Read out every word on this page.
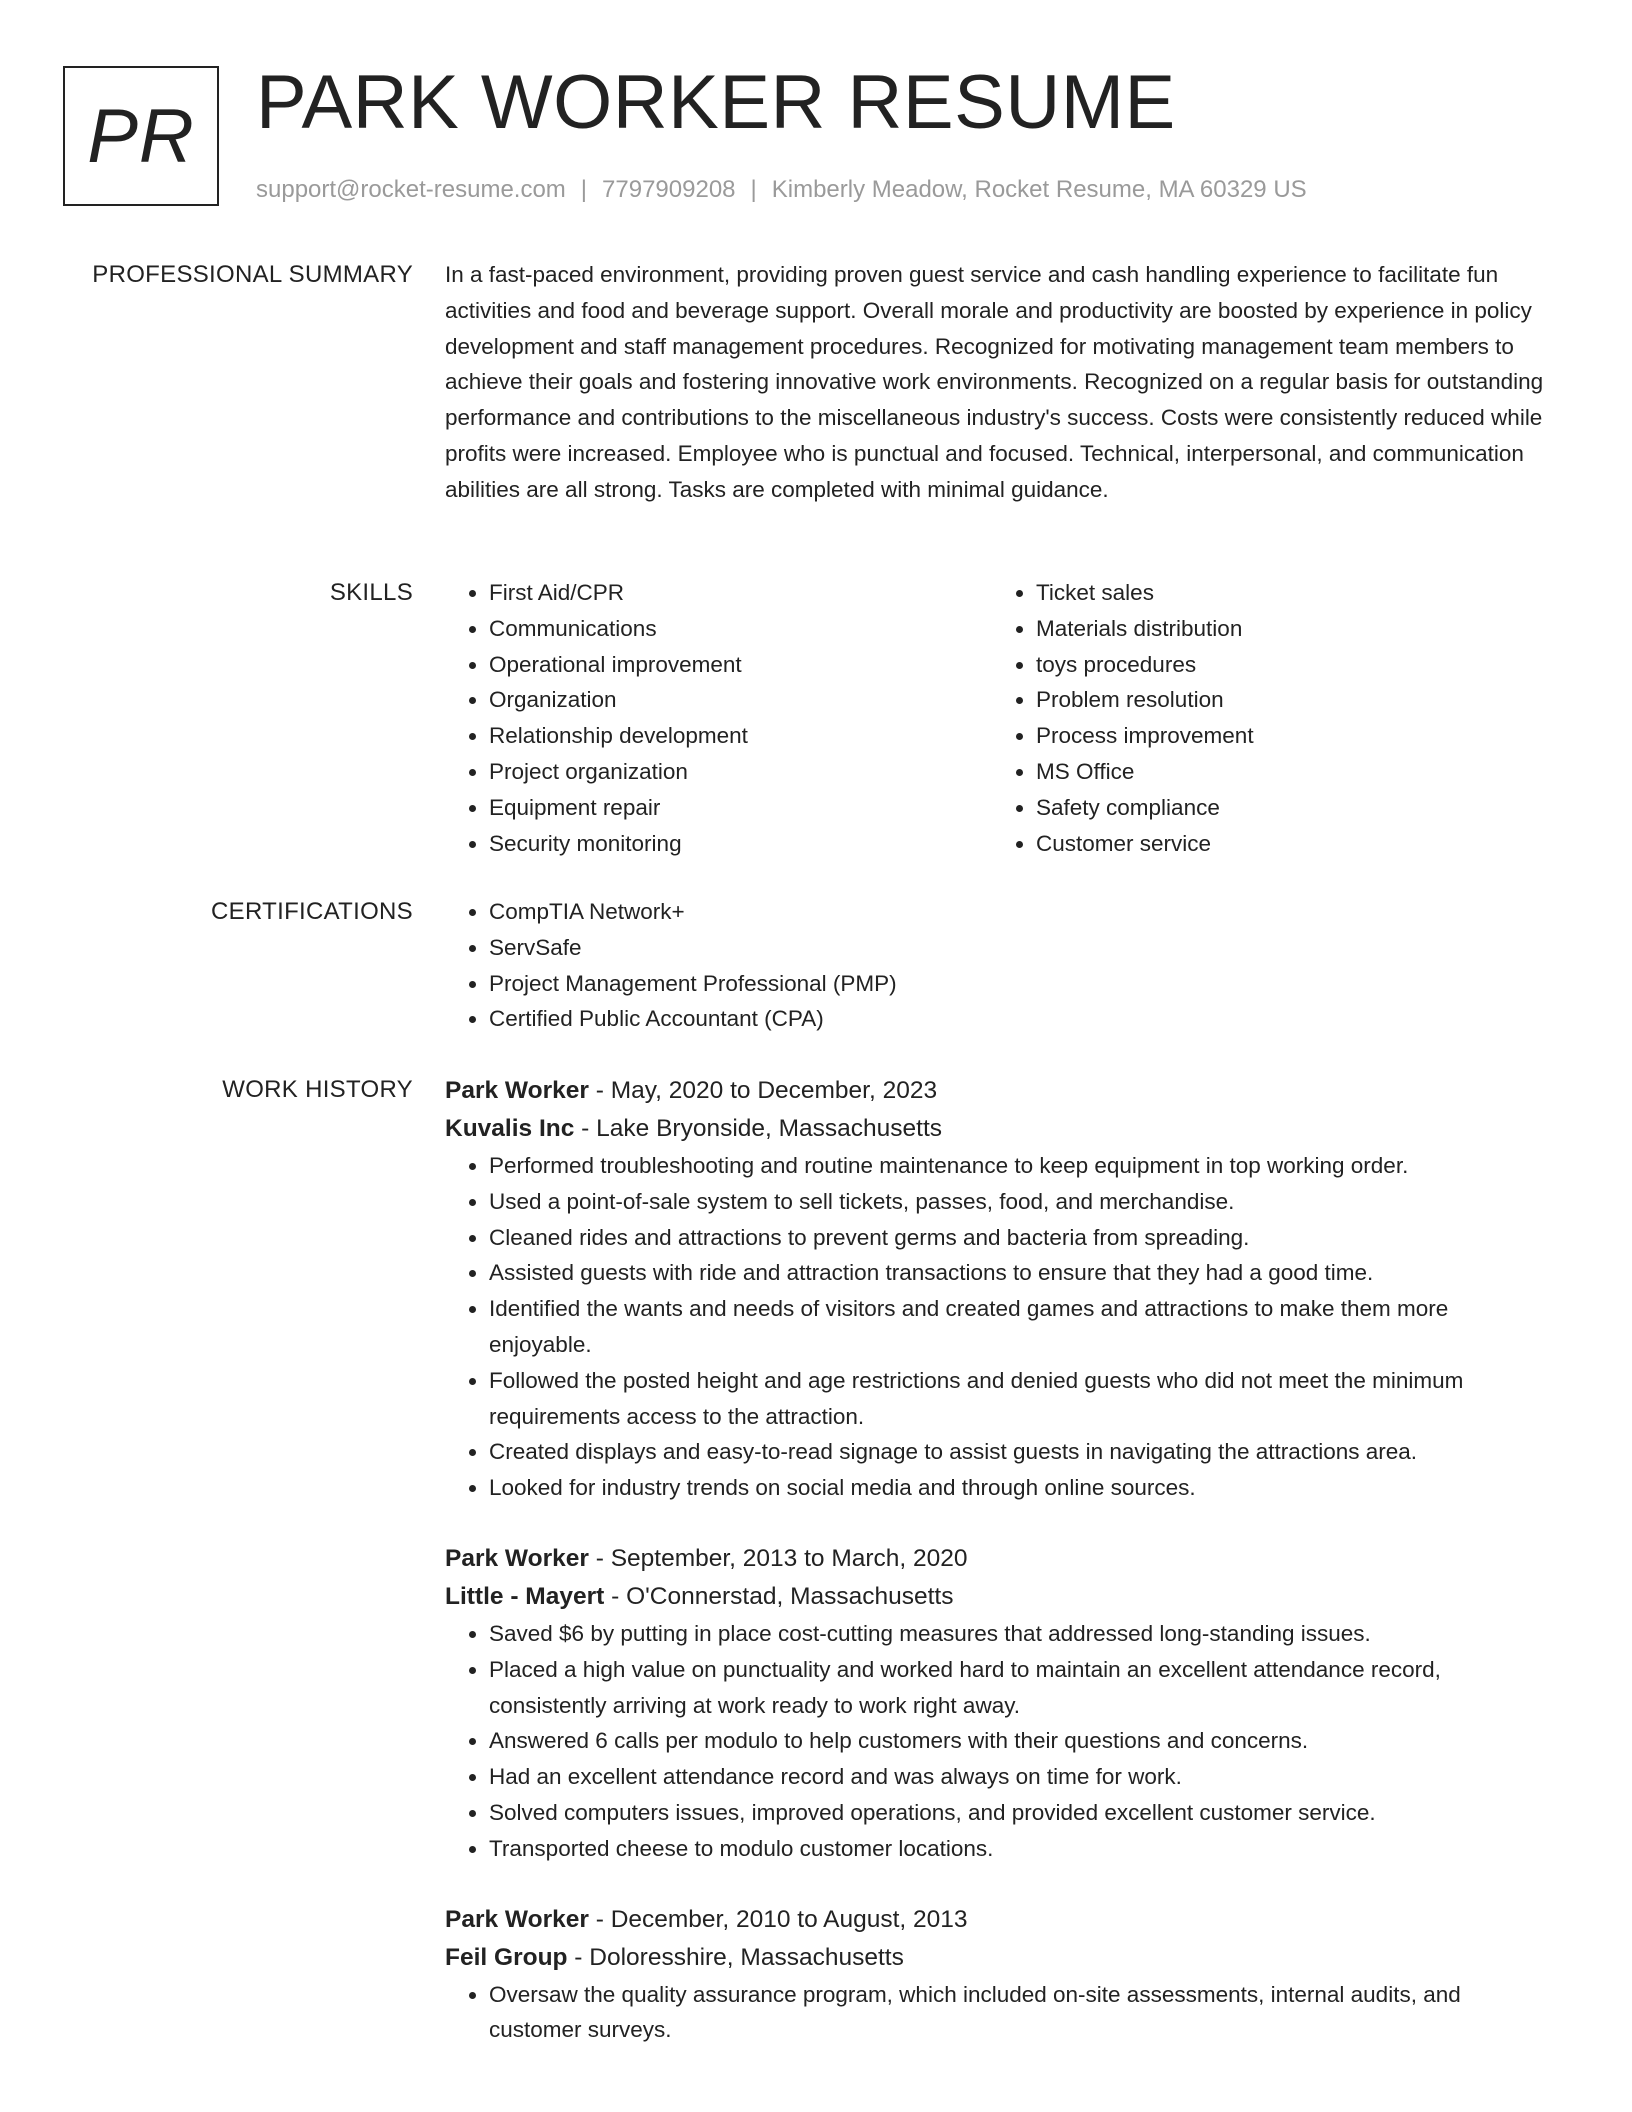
PR PARK WORKER RESUME
support@rocket-resume.com | 7797909208 | Kimberly Meadow, Rocket Resume, MA 60329 US
PROFESSIONAL SUMMARY In a fast-paced environment, providing proven guest service and cash handling experience to facilitate fun activities and food and beverage support. Overall morale and productivity are boosted by experience in policy development and staff management procedures. Recognized for motivating management team members to achieve their goals and fostering innovative work environments. Recognized on a regular basis for outstanding performance and contributions to the miscellaneous industry's success. Costs were consistently reduced while profits were increased. Employee who is punctual and focused. Technical, interpersonal, and communication abilities are all strong. Tasks are completed with minimal guidance.

SKILLS	• First Aid/CPR
• Communications
• Operational improvement
• Organization
• Relationship development
• Project organization
• Equipment repair
• Security monitoring
• Ticket sales
• Materials distribution
• toys procedures
• Problem resolution
• Process improvement
• MS Office
• Safety compliance
• Customer service
CERTIFICATIONS	• CompTIA Network+
• ServSafe
• Project Management Professional (PMP)
• Certified Public Accountant (CPA)
WORK HISTORY Park Worker - May, 2020 to December, 2023
Kuvalis Inc - Lake Bryonside, Massachusetts
• Performed troubleshooting and routine maintenance to keep equipment in top working order.
• Used a point-of-sale system to sell tickets, passes, food, and merchandise.
• Cleaned rides and attractions to prevent germs and bacteria from spreading.
• Assisted guests with ride and attraction transactions to ensure that they had a good time.
• Identified the wants and needs of visitors and created games and attractions to make them more enjoyable.
• Followed the posted height and age restrictions and denied guests who did not meet the minimum requirements access to the attraction.
• Created displays and easy-to-read signage to assist guests in navigating the attractions area.
• Looked for industry trends on social media and through online sources.
Park Worker - September, 2013 to March, 2020
Little - Mayert - O'Connerstad, Massachusetts
• Saved $6 by putting in place cost-cutting measures that addressed long-standing issues.
• Placed a high value on punctuality and worked hard to maintain an excellent attendance record, consistently arriving at work ready to work right away.
• Answered 6 calls per modulo to help customers with their questions and concerns.
• Had an excellent attendance record and was always on time for work.
• Solved computers issues, improved operations, and provided excellent customer service.
• Transported cheese to modulo customer locations.
Park Worker - December, 2010 to August, 2013
Feil Group - Doloresshire, Massachusetts
• Oversaw the quality assurance program, which included on-site assessments, internal audits, and customer surveys.
